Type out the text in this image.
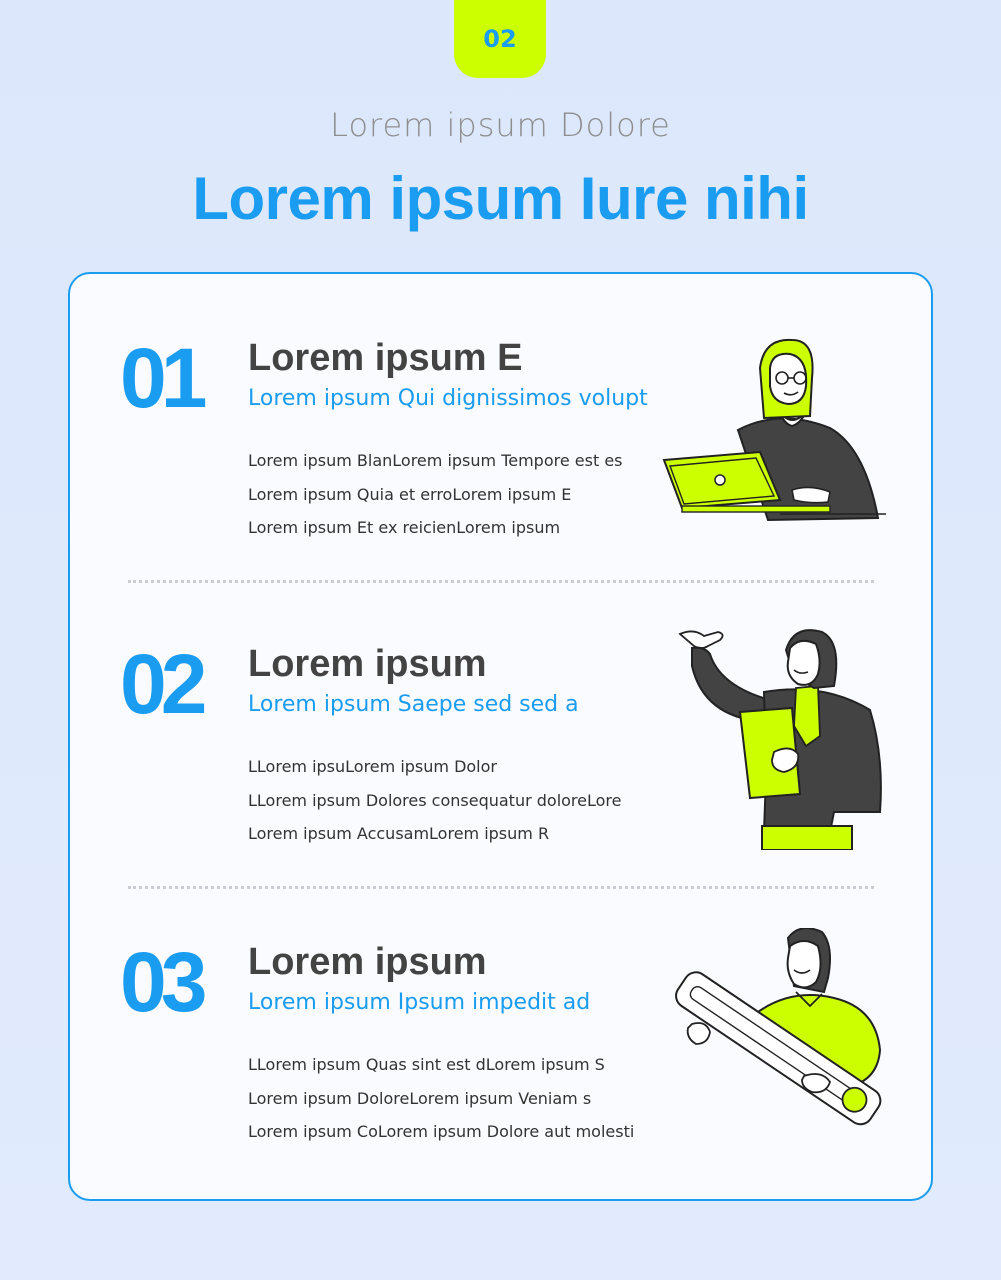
02
Lorem ipsum Dolore
Lorem ipsum Iure nihi
01 Lorem ipsum E
Lorem ipsum Qui dignissimos volupt
Lorem ipsum BlanLorem ipsum Tempore est es
Lorem ipsum Quia et erroLorem ipsum E
Lorem ipsum Et ex reicienLorem ipsum
02 Lorem ipsum
Lorem ipsum Saepe sed sed a
LLorem ipsuLorem ipsum Dolor
LLorem ipsum Dolores consequatur doloreLore
Lorem ipsum AccusamLorem ipsum R
03 Lorem ipsum
Lorem ipsum Ipsum impedit ad
LLorem ipsum Quas sint est dLorem ipsum S
Lorem ipsum DoloreLorem ipsum Veniam s
Lorem ipsum CoLorem ipsum Dolore aut molesti
